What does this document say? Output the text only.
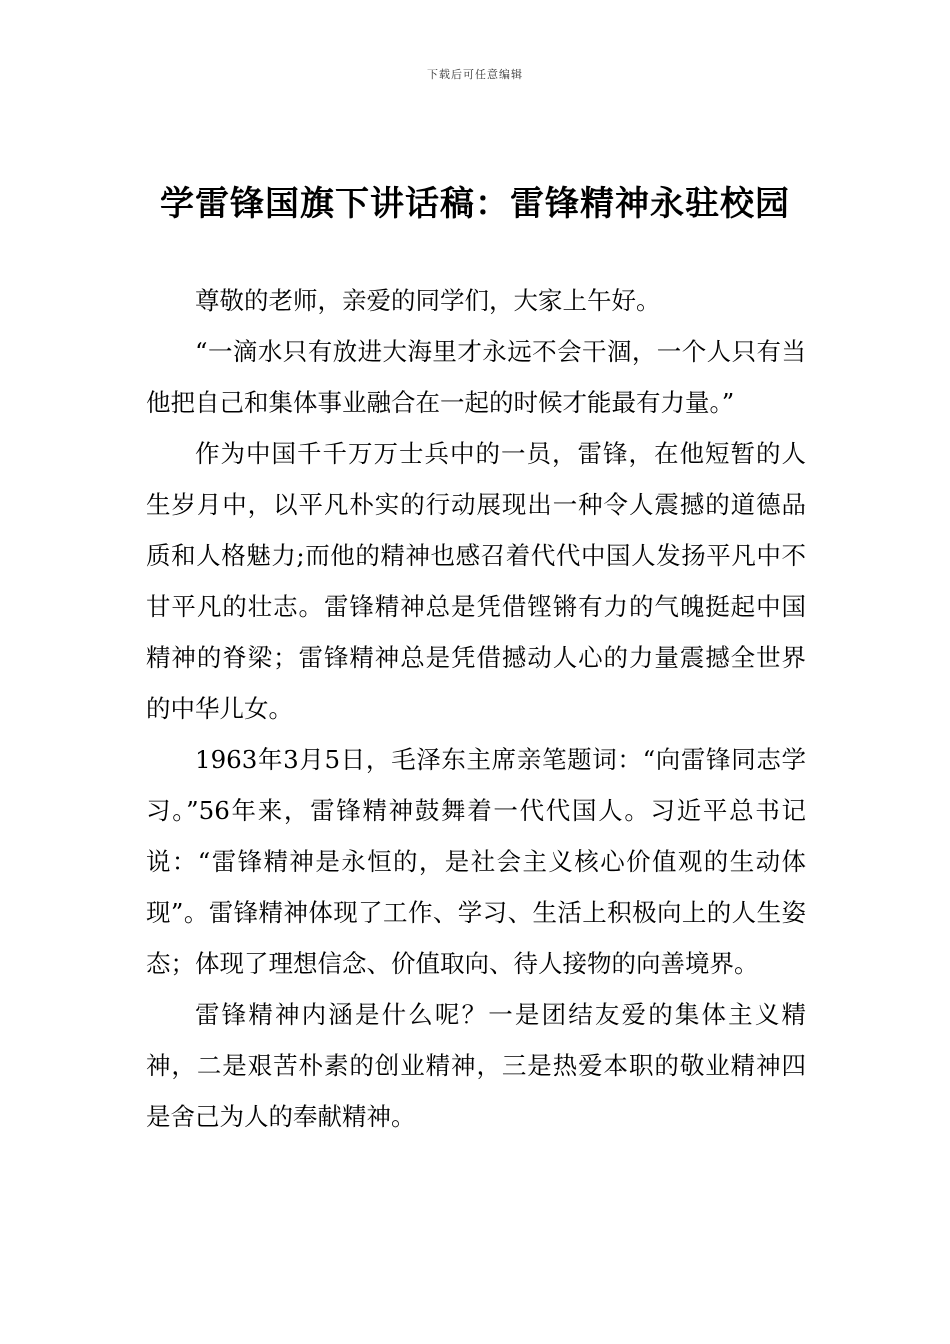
下载后可任意编辑
学雷锋国旗下讲话稿：雷锋精神永驻校园

尊敬的老师，亲爱的同学们，大家上午好。

“一滴水只有放进大海里才永远不会干涸，一个人只有当他把自己和集体事业融合在一起的时候才能最有力量。”

作为中国千千万万士兵中的一员，雷锋，在他短暂的人生岁月中，以平凡朴实的行动展现出一种令人震撼的道德品质和人格魅力;而他的精神也感召着代代中国人发扬平凡中不甘平凡的壮志。雷锋精神总是凭借铿锵有力的气魄挺起中国精神的脊梁；雷锋精神总是凭借撼动人心的力量震撼全世界的中华儿女。

1963年3月5日，毛泽东主席亲笔题词：“向雷锋同志学习。”56年来，雷锋精神鼓舞着一代代国人。习近平总书记说：“雷锋精神是永恒的，是社会主义核心价值观的生动体现”。雷锋精神体现了工作、学习、生活上积极向上的人生姿态；体现了理想信念、价值取向、待人接物的向善境界。

雷锋精神内涵是什么呢？一是团结友爱的集体主义精神，二是艰苦朴素的创业精神，三是热爱本职的敬业精神四是舍己为人的奉献精神。
